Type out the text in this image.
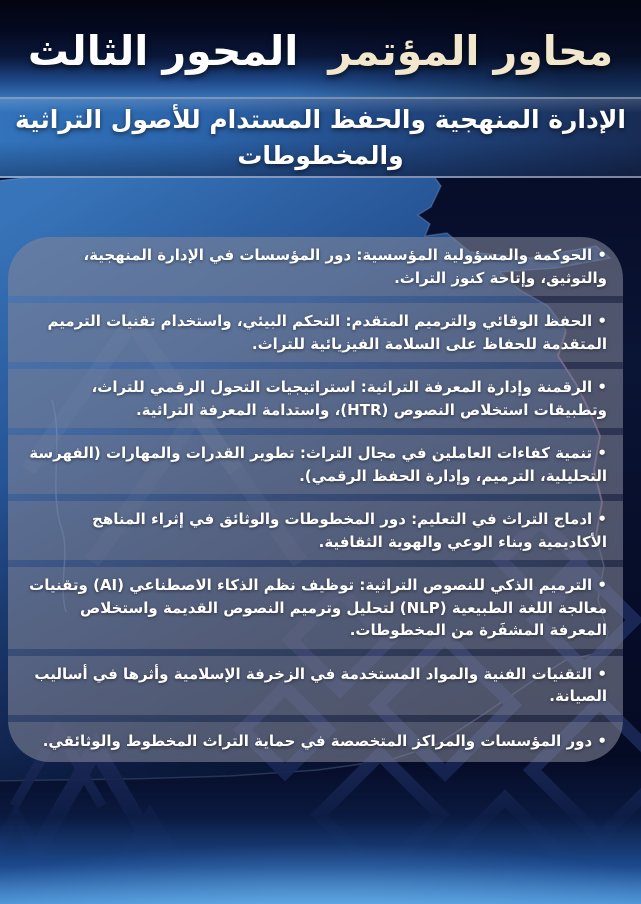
محاور المؤتمر
المحور الثالث
الإدارة المنهجية والحفظ المستدام للأصول التراثية والمخطوطات

• الحوكمة والمسؤولية المؤسسية: دور المؤسسات في الإدارة المنهجية، والتوثيق، وإتاحة كنوز التراث.

• الحفظ الوقائي والترميم المتقدم: التحكم البيئي، واستخدام تقنيات الترميم المتقدمة للحفاظ على السلامة الفيزيائية للتراث.

• الرقمنة وإدارة المعرفة التراثية: استراتيجيات التحول الرقمي للتراث، وتطبيقات استخلاص النصوص (HTR)، واستدامة المعرفة التراثية.

• تنمية كفاءات العاملين في مجال التراث: تطوير القدرات والمهارات (الفهرسة التحليلية، الترميم، وإدارة الحفظ الرقمي).

• ادماج التراث في التعليم: دور المخطوطات والوثائق في إثراء المناهج الأكاديمية وبناء الوعي والهوية الثقافية.

• الترميم الذكي للنصوص التراثية: توظيف نظم الذكاء الاصطناعي (AI) وتقنيات معالجة اللغة الطبيعية (NLP) لتحليل وترميم النصوص القديمة واستخلاص المعرفة المشفَرة من المخطوطات.

• التقنيات الفنية والمواد المستخدمة في الزخرفة الإسلامية وأثرها في أساليب الصيانة.

• دور المؤسسات والمراكز المتخصصة في حماية التراث المخطوط والوثائقي.
